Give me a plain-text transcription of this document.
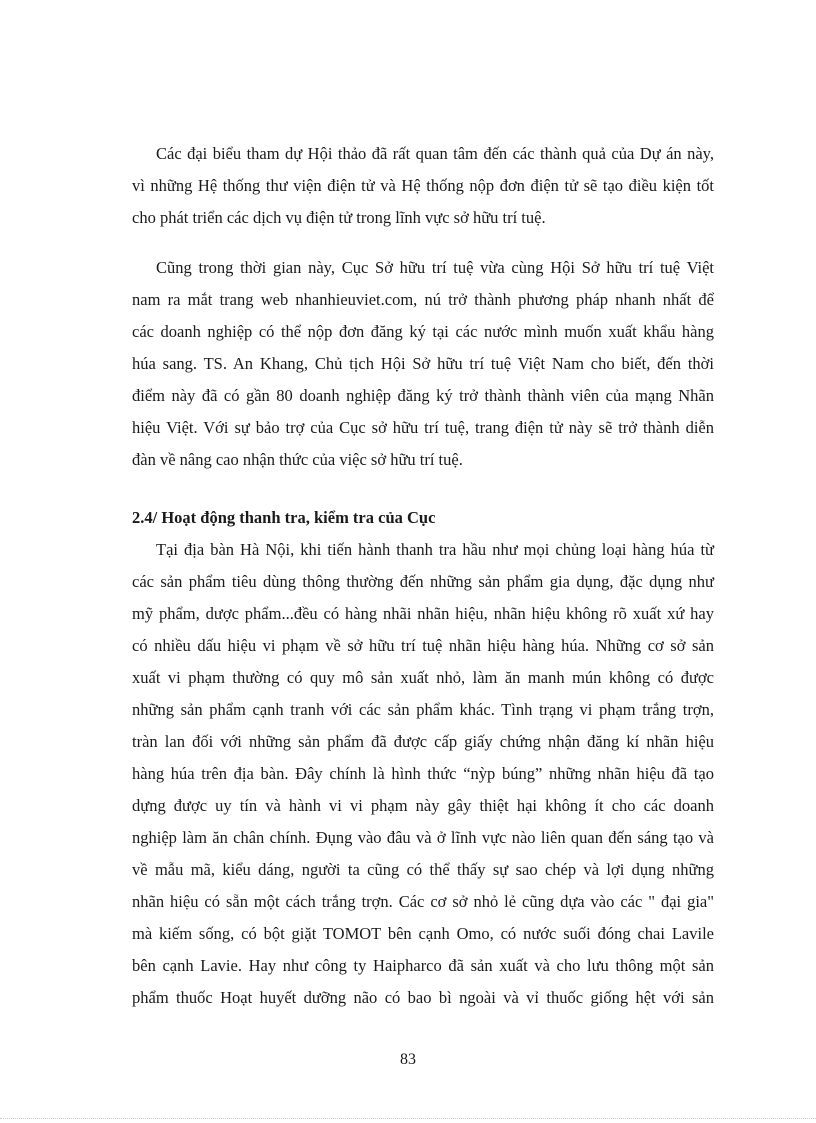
Các đại biểu tham dự Hội thảo đã rất quan tâm đến các thành quả của Dự án này,
vì những Hệ thống thư viện điện tử và Hệ thống nộp đơn điện tử sẽ tạo điều kiện tốt
cho phát triển các dịch vụ điện tử trong lĩnh vực sở hữu trí tuệ.
Cũng trong thời gian này, Cục Sở hữu trí tuệ vừa cùng Hội Sở hữu trí tuệ Việt
nam ra mắt trang web nhanhieuviet.com, nú trở thành phương pháp nhanh nhất để
các doanh nghiệp có thể nộp đơn đăng ký tại các nước mình muốn xuất khẩu hàng
húa sang. TS. An Khang, Chủ tịch Hội Sở hữu trí tuệ Việt Nam cho biết, đến thời
điểm này đã có gần 80 doanh nghiệp đăng ký trở thành thành viên của mạng Nhãn
hiệu Việt. Với sự bảo trợ của Cục sở hữu trí tuệ, trang điện tử này sẽ trở thành diễn
đàn về nâng cao nhận thức của việc sở hữu trí tuệ.
2.4/ Hoạt động thanh tra, kiểm tra của Cục
Tại địa bàn Hà Nội, khi tiến hành thanh tra hầu như mọi chủng loại hàng húa từ
các sản phẩm tiêu dùng thông thường đến những sản phẩm gia dụng, đặc dụng như
mỹ phẩm, dược phẩm...đều có hàng nhãi nhãn hiệu, nhãn hiệu không rõ xuất xứ hay
có nhiều dấu hiệu vi phạm về sở hữu trí tuệ nhãn hiệu hàng húa. Những cơ sở sản
xuất vi phạm thường có quy mô sản xuất nhỏ, làm ăn manh mún không có được
những sản phẩm cạnh tranh với các sản phẩm khác. Tình trạng vi phạm trắng trợn,
tràn lan đối với những sản phẩm đã được cấp giấy chứng nhận đăng kí nhãn hiệu
hàng húa trên địa bàn. Đây chính là hình thức “nỳp búng” những nhãn hiệu đã tạo
dựng được uy tín và hành vi vi phạm này gây thiệt hại không ít cho các doanh
nghiệp làm ăn chân chính. Đụng vào đâu và ở lĩnh vực nào liên quan đến sáng tạo và
về mẫu mã, kiểu dáng, người ta cũng có thể thấy sự sao chép và lợi dụng những
nhãn hiệu có sẵn một cách trắng trợn. Các cơ sở nhỏ lẻ cũng dựa vào các " đại gia"
mà kiếm sống, có bột giặt TOMOT bên cạnh Omo, có nước suối đóng chai Lavile
bên cạnh Lavie. Hay như công ty Haipharco đã sản xuất và cho lưu thông một sản
phẩm thuốc Hoạt huyết dưỡng não có bao bì ngoài và vỉ thuốc giống hệt với sản
83
